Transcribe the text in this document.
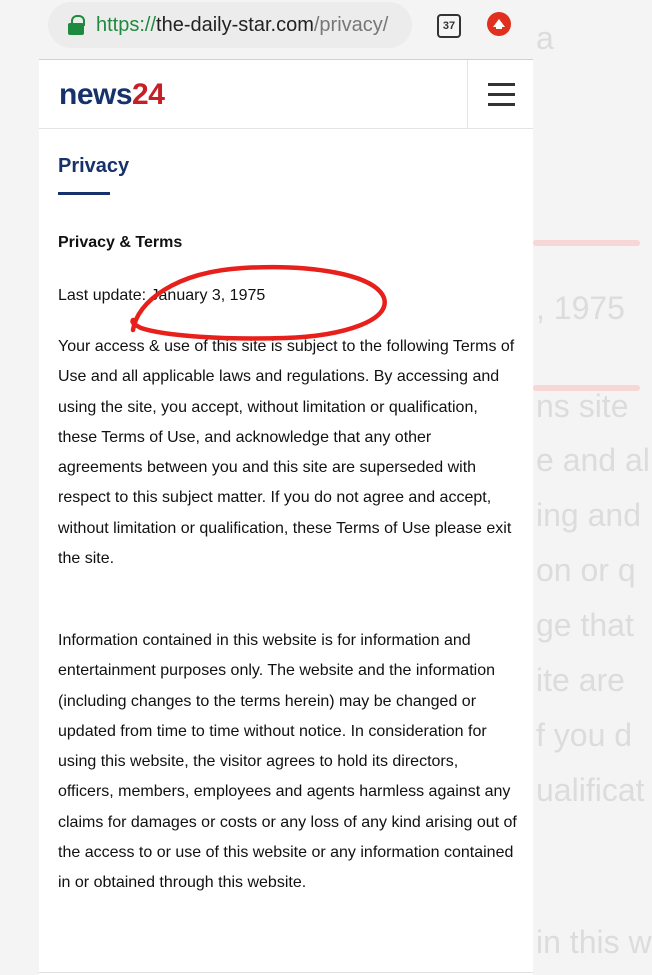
a
, 1975
ns site
e and al
ing and
on or q
ge that
ite are
f you d
ualificat
in this w
https://the-daily-star.com/privacy/	37
news24
Privacy
Privacy & Terms
Last update: January 3, 1975

Your access & use of this site is subject to the following Terms of Use and all applicable laws and regulations. By accessing and using the site, you accept, without limitation or qualification, these Terms of Use, and acknowledge that any other agreements between you and this site are superseded with respect to this subject matter. If you do not agree and accept, without limitation or qualification, these Terms of Use please exit the site.

Information contained in this website is for information and entertainment purposes only. The website and the information (including changes to the terms herein) may be changed or updated from time to time without notice. In consideration for using this website, the visitor agrees to hold its directors, officers, members, employees and agents harmless against any claims for damages or costs or any loss of any kind arising out of the access to or use of this website or any information contained in or obtained through this website.
